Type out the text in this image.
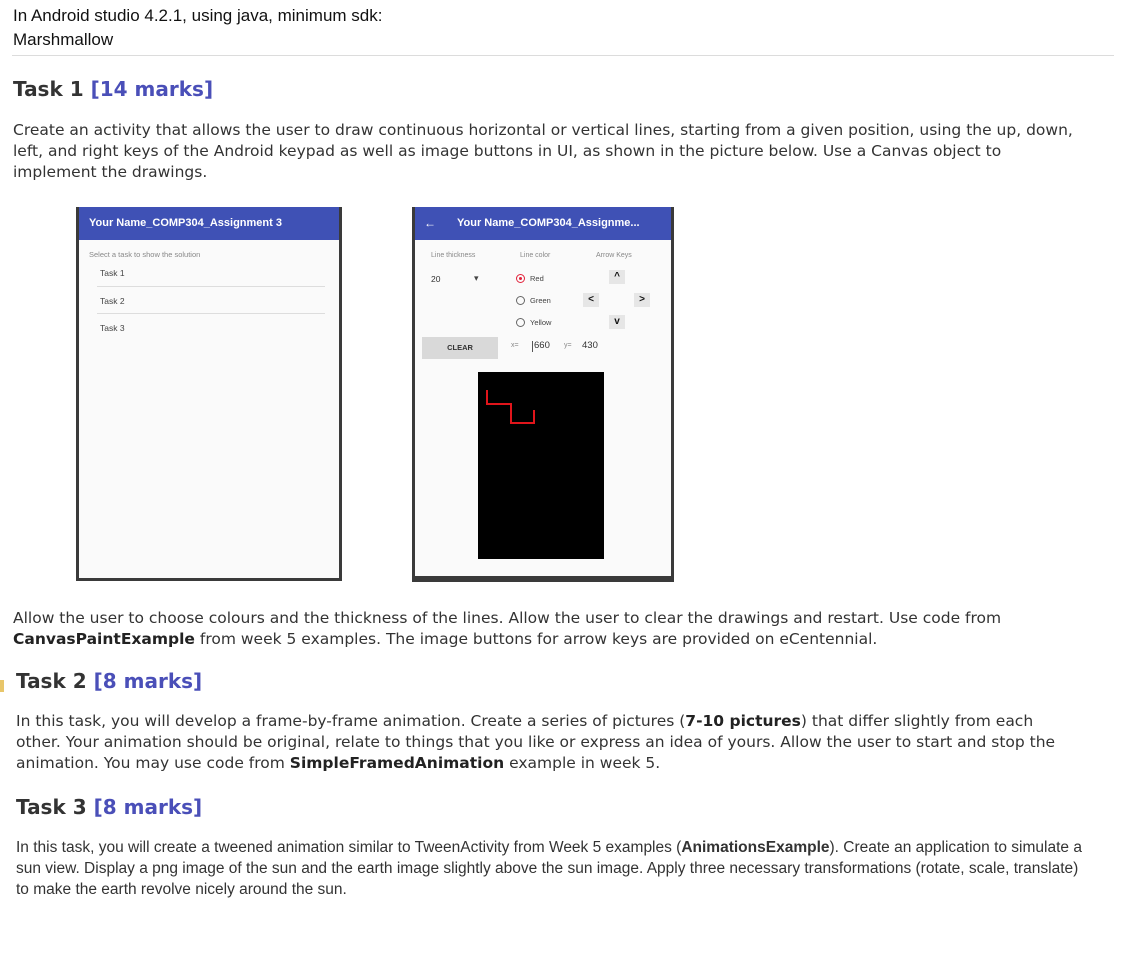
In Android studio 4.2.1, using java, minimum sdk:
Marshmallow
Task 1 [14 marks]
Create an activity that allows the user to draw continuous horizontal or vertical lines, starting from a given position, using the up, down,
left, and right keys of the Android keypad as well as image buttons in UI, as shown in the picture below. Use a Canvas object to
implement the drawings.
Your Name_COMP304_Assignment 3
Select a task to show the solution
Task 1
Task 2
Task 3
← Your Name_COMP304_Assignme...
Line thickness	Line color	Arrow Keys
20	▾	Red
Green
Yellow
^
<	>
v
CLEAR	x= 660 y= 430
Allow the user to choose colours and the thickness of the lines. Allow the user to clear the drawings and restart. Use code from
CanvasPaintExample from week 5 examples. The image buttons for arrow keys are provided on eCentennial.
Task 2 [8 marks]
In this task, you will develop a frame-by-frame animation. Create a series of pictures (7-10 pictures) that differ slightly from each
other. Your animation should be original, relate to things that you like or express an idea of yours. Allow the user to start and stop the
animation. You may use code from SimpleFramedAnimation example in week 5.
Task 3 [8 marks]
In this task, you will create a tweened animation similar to TweenActivity from Week 5 examples (AnimationsExample). Create an application to simulate a
sun view. Display a png image of the sun and the earth image slightly above the sun image. Apply three necessary transformations (rotate, scale, translate)
to make the earth revolve nicely around the sun.
